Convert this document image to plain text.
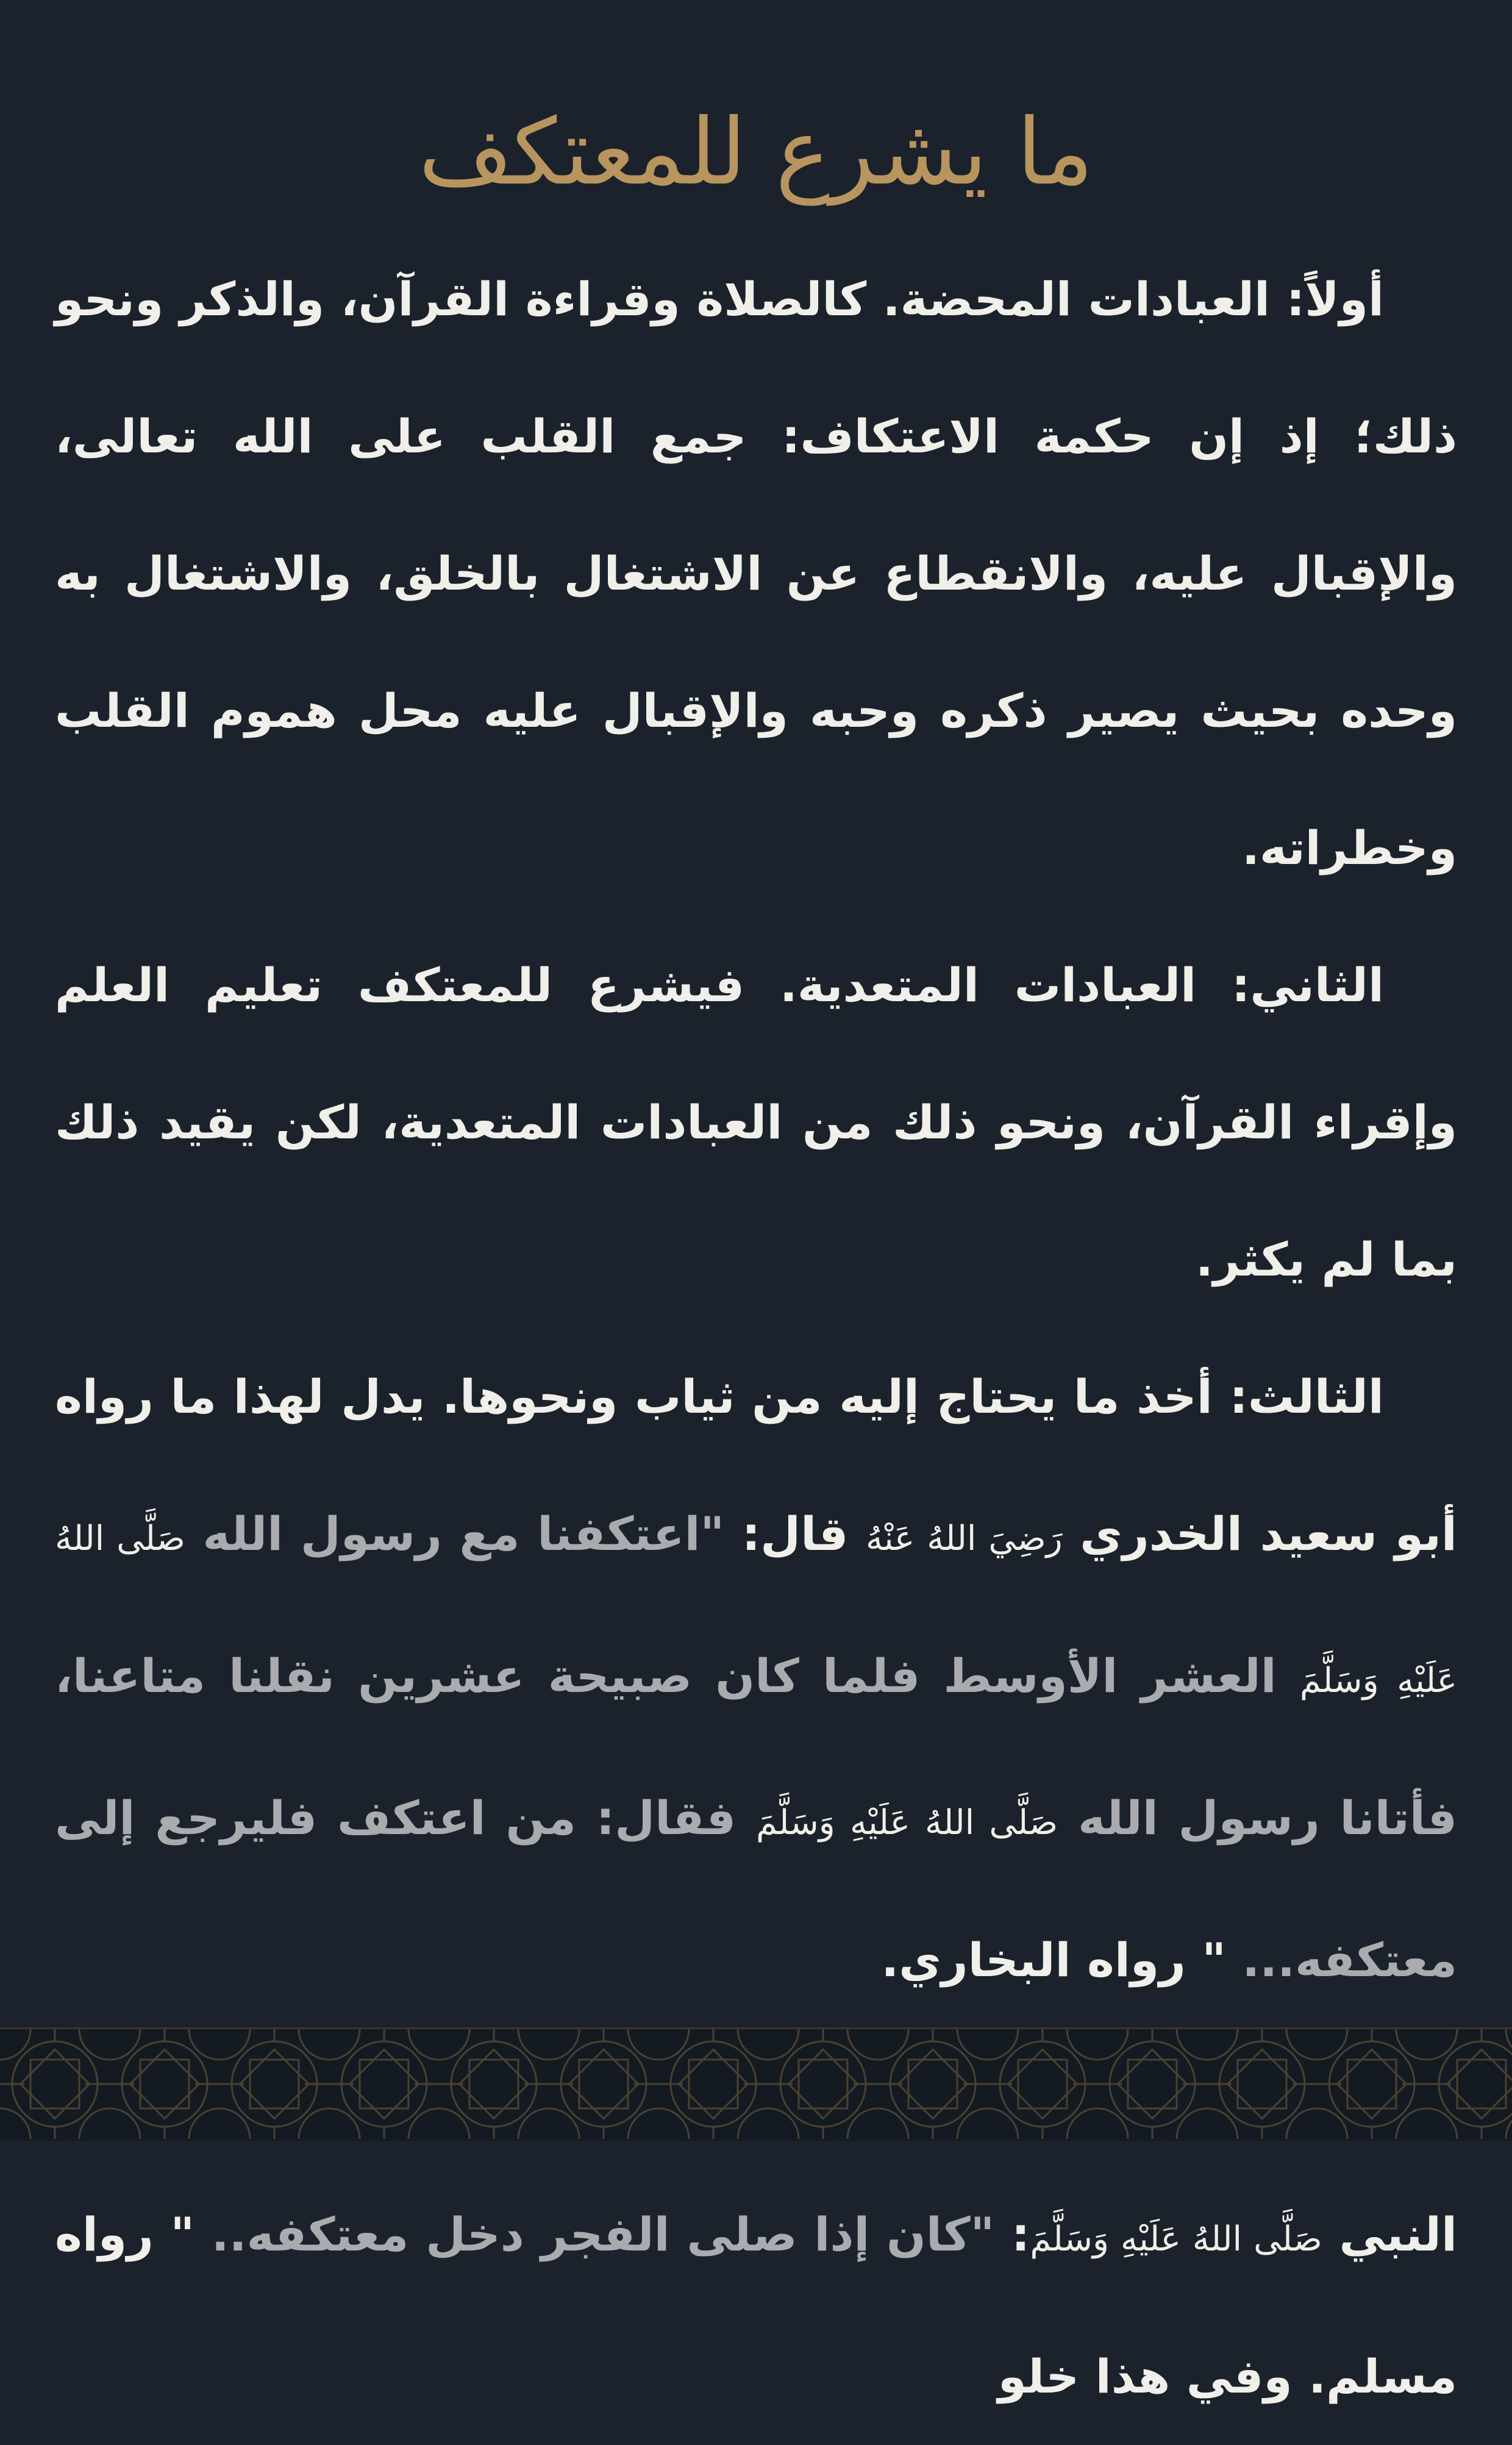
ما يشرع للمعتكف

أولاً: العبادات المحضة. كالصلاة وقراءة القرآن، والذكر ونحو ذلك؛ إذ إن حكمة الاعتكاف: جمع القلب على الله تعالى، والإقبال عليه، والانقطاع عن الاشتغال بالخلق، والاشتغال به وحده بحيث يصير ذكره وحبه والإقبال عليه محل هموم القلب وخطراته.

الثاني: العبادات المتعدية. فيشرع للمعتكف تعليم العلم وإقراء القرآن، ونحو ذلك من العبادات المتعدية، لكن يقيد ذلك بما لم يكثر.

الثالث: أخذ ما يحتاج إليه من ثياب ونحوها. يدل لهذا ما رواه أبو سعيد الخدري رَضِيَ اللهُ عَنْهُ قال: "اعتكفنا مع رسول الله صَلَّى اللهُ عَلَيْهِ وَسَلَّمَ العشر الأوسط فلما كان صبيحة عشرين نقلنا متاعنا، فأتانا رسول الله صَلَّى اللهُ عَلَيْهِ وَسَلَّمَ فقال: من اعتكف فليرجع إلى معتكفه... " رواه البخاري.

النبي صَلَّى اللهُ عَلَيْهِ وَسَلَّمَ: "كان إذا صلى الفجر دخل معتكفه.. " رواه مسلم. وفي هذا خلو
